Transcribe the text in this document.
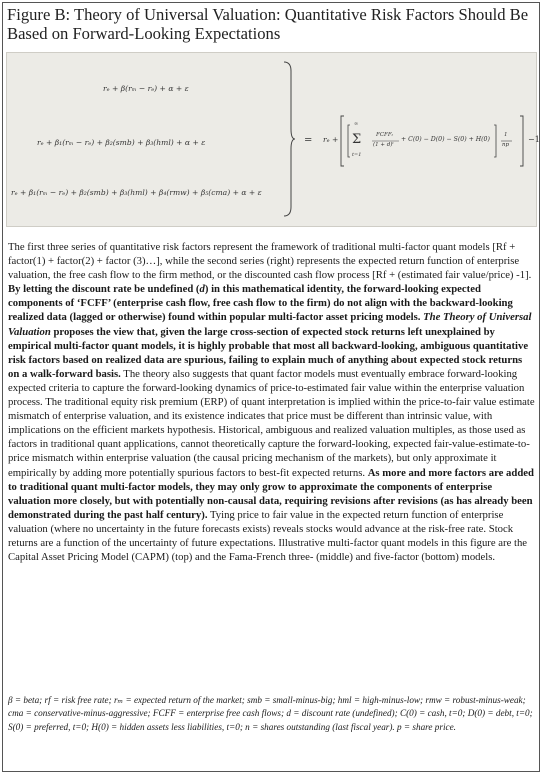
Figure B: Theory of Universal Valuation: Quantitative Risk Factors Should Be Based on Forward-Looking Expectations
rₑ + β(rₘ − rₑ) + α + ε
rₑ + β₁(rₘ − rₑ) + β₂(smb) + β₃(hml) + α + ε
rₑ + β₁(rₘ − rₑ) + β₂(smb) + β₃(hml) + β₄(rmw) + β₅(cma) + α + ε
= rₑ +
∞
Σ
t=1
FCFFₜ
(1 + d)ᵗ
+ C(0) − D(0) − S(0) + H(0)
1
np
−1
The first three series of quantitative risk factors represent the framework of traditional multi-factor quant models [Rf + factor(1) + factor(2) + factor (3)…], while the second series (right) represents the expected return function of enterprise valuation, the free cash flow to the firm method, or the discounted cash flow process [Rf + (estimated fair value/price) -1]. By letting the discount rate be undefined (d) in this mathematical identity, the forward-looking expected components of ‘FCFF’ (enterprise cash flow, free cash flow to the firm) do not align with the backward-looking realized data (lagged or otherwise) found within popular multi-factor asset pricing models. The Theory of Universal Valuation proposes the view that, given the large cross-section of expected stock returns left unexplained by empirical multi-factor quant models, it is highly probable that most all backward-looking, ambiguous quantitative risk factors based on realized data are spurious, failing to explain much of anything about expected stock returns on a walk-forward basis. The theory also suggests that quant factor models must eventually embrace forward-looking expected criteria to capture the forward-looking dynamics of price-to-estimated fair value within the enterprise valuation process. The traditional equity risk premium (ERP) of quant interpretation is implied within the price-to-fair value estimate mismatch of enterprise valuation, and its existence indicates that price must be different than intrinsic value, with implications on the efficient markets hypothesis. Historical, ambiguous and realized valuation multiples, as those used as factors in traditional quant applications, cannot theoretically capture the forward-looking, expected fair-value-estimate-to-price mismatch within enterprise valuation (the causal pricing mechanism of the markets), but only approximate it empirically by adding more potentially spurious factors to best-fit expected returns. As more and more factors are added to traditional quant multi-factor models, they may only grow to approximate the components of enterprise valuation more closely, but with potentially non-causal data, requiring revisions after revisions (as has already been demonstrated during the past half century). Tying price to fair value in the expected return function of enterprise valuation (where no uncertainty in the future forecasts exists) reveals stocks would advance at the risk-free rate. Stock returns are a function of the uncertainty of future expectations. Illustrative multi-factor quant models in this figure are the Capital Asset Pricing Model (CAPM) (top) and the Fama-French three- (middle) and five-factor (bottom) models.
β = beta; rf = risk free rate; rₘ = expected return of the market; smb = small-minus-big; hml = high-minus-low; rmw = robust-minus-weak; cma = conservative-minus-aggressive; FCFF = enterprise free cash flows; d = discount rate (undefined); C(0) = cash, t=0; D(0) = debt, t=0; S(0) = preferred, t=0; H(0) = hidden assets less liabilities, t=0; n = shares outstanding (last fiscal year). p = share price.
